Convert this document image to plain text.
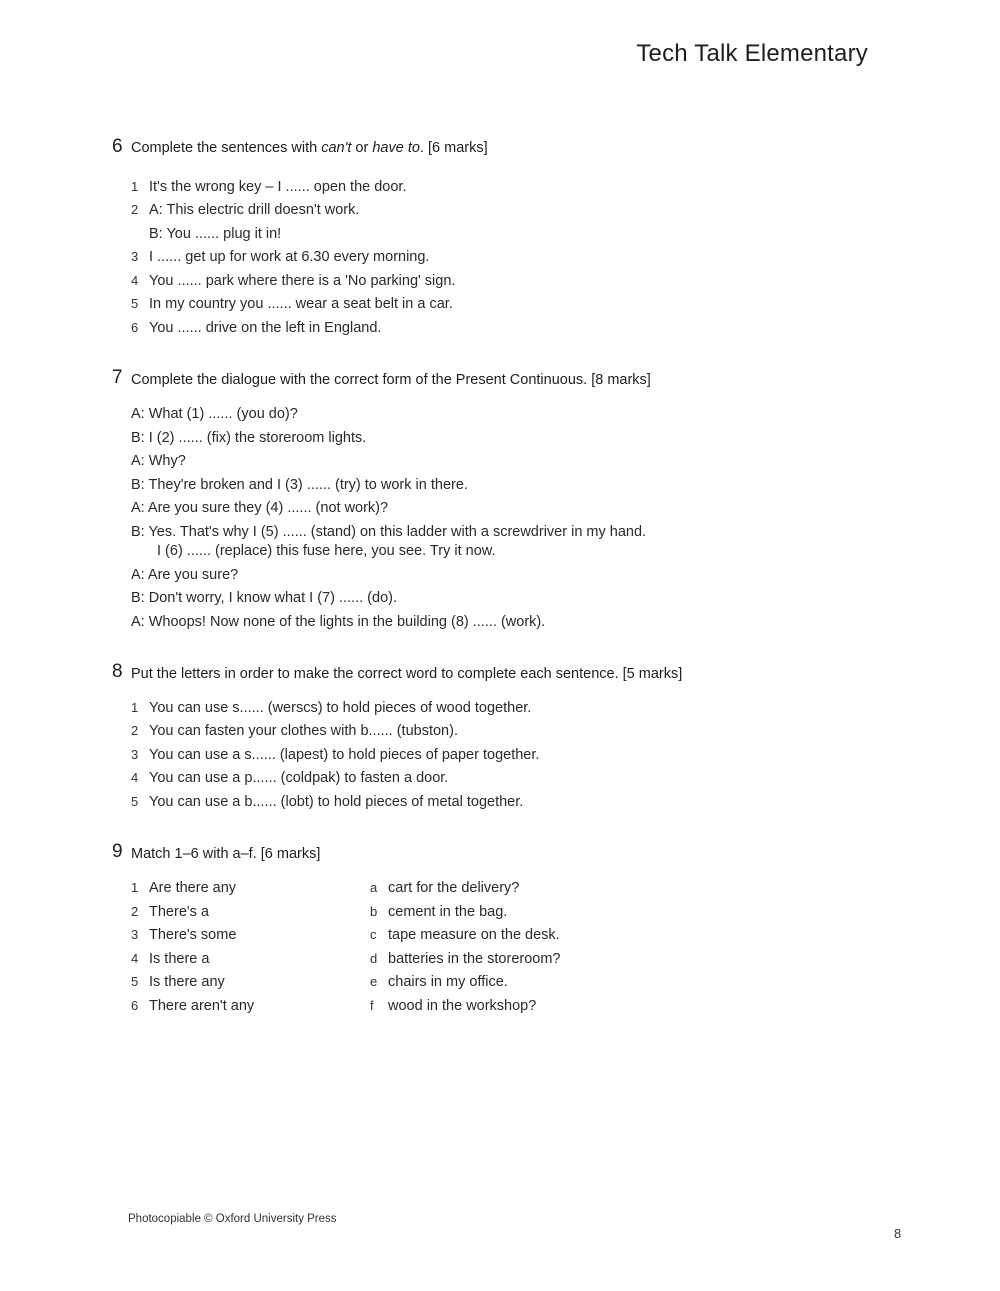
Tech Talk Elementary
6 Complete the sentences with can't or have to. [6 marks]
1 It's the wrong key – I ...... open the door.
2 A: This electric drill doesn't work.
B: You ...... plug it in!
3 I ...... get up for work at 6.30 every morning.
4 You ...... park where there is a 'No parking' sign.
5 In my country you ...... wear a seat belt in a car.
6 You ...... drive on the left in England.
7 Complete the dialogue with the correct form of the Present Continuous. [8 marks]
A: What (1) ...... (you do)?
B: I (2) ...... (fix) the storeroom lights.
A: Why?
B: They're broken and I (3) ...... (try) to work in there.
A: Are you sure they (4) ...... (not work)?
B: Yes. That's why I (5) ...... (stand) on this ladder with a screwdriver in my hand.
I (6) ...... (replace) this fuse here, you see. Try it now.
A: Are you sure?
B: Don't worry, I know what I (7) ...... (do).
A: Whoops! Now none of the lights in the building (8) ...... (work).
8 Put the letters in order to make the correct word to complete each sentence. [5 marks]
1 You can use s...... (werscs) to hold pieces of wood together.
2 You can fasten your clothes with b...... (tubston).
3 You can use a s...... (lapest) to hold pieces of paper together.
4 You can use a p...... (coldpak) to fasten a door.
5 You can use a b...... (lobt) to hold pieces of metal together.
9 Match 1–6 with a–f. [6 marks]
1 Are there any
2 There's a
3 There's some
4 Is there a
5 Is there any
6 There aren't any
a cart for the delivery?
b cement in the bag.
c tape measure on the desk.
d batteries in the storeroom?
e chairs in my office.
f wood in the workshop?
Photocopiable © Oxford University Press
8
